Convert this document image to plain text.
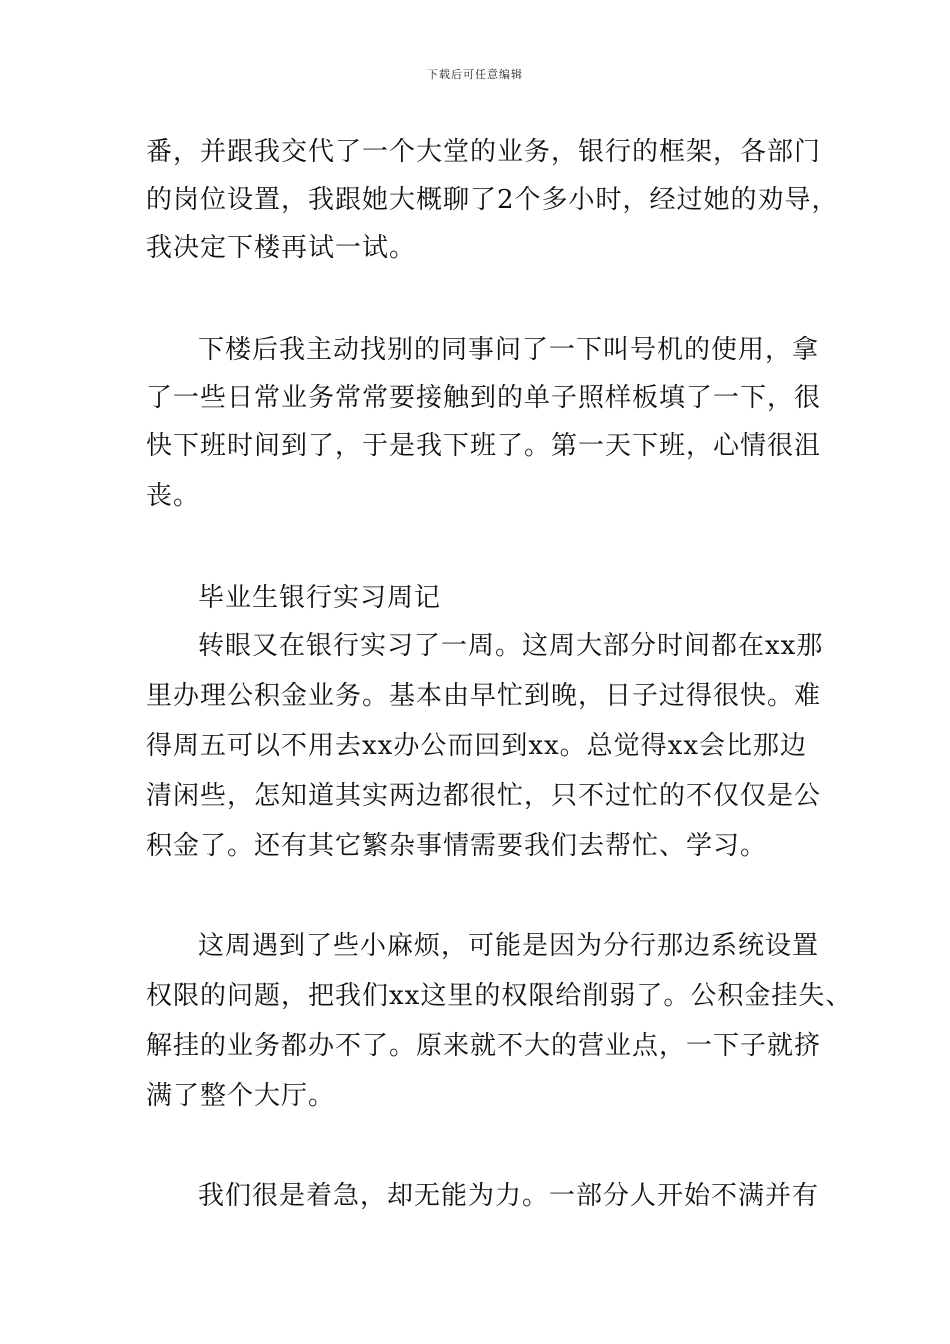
下载后可任意编辑
番，并跟我交代了一个大堂的业务，银行的框架，各部门
的岗位设置，我跟她大概聊了2个多小时，经过她的劝导，
我决定下楼再试一试。
下楼后我主动找别的同事问了一下叫号机的使用，拿
了一些日常业务常常要接触到的单子照样板填了一下，很
快下班时间到了，于是我下班了。第一天下班，心情很沮
丧。
毕业生银行实习周记
转眼又在银行实习了一周。这周大部分时间都在xx那
里办理公积金业务。基本由早忙到晚，日子过得很快。难
得周五可以不用去xx办公而回到xx。总觉得xx会比那边
清闲些，怎知道其实两边都很忙，只不过忙的不仅仅是公
积金了。还有其它繁杂事情需要我们去帮忙、学习。
这周遇到了些小麻烦，可能是因为分行那边系统设置
权限的问题，把我们xx这里的权限给削弱了。公积金挂失、
解挂的业务都办不了。原来就不大的营业点，一下子就挤
满了整个大厅。
我们很是着急，却无能为力。一部分人开始不满并有
